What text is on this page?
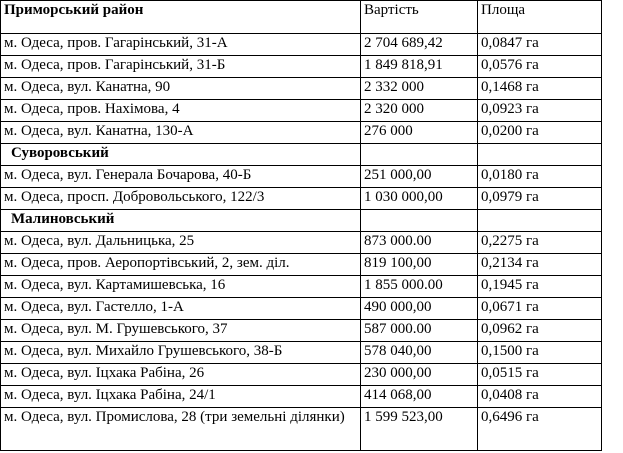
Приморський район	Вартість	Площа
м. Одеса, пров. Гагарінський, 31-А	2 704 689,42	0,0847 га
м. Одеса, пров. Гагарінський, 31-Б	1 849 818,91	0,0576 га
м. Одеса, вул. Канатна, 90	2 332 000	0,1468 га
м. Одеса, пров. Нахімова, 4	2 320 000	0,0923 га
м. Одеса, вул. Канатна, 130-А	276 000	0,0200 га
Суворовський		
м. Одеса, вул. Генерала Бочарова, 40-Б	251 000,00	0,0180 га
м. Одеса, просп. Добровольського, 122/3	1 030 000,00	0,0979 га
Малиновський		
м. Одеса, вул. Дальницька, 25	873 000.00	0,2275 га
м. Одеса, пров. Аеропортівський, 2, зем. діл.	819 100,00	0,2134 га
м. Одеса, вул. Картамишевська, 16	1 855 000.00	0,1945 га
м. Одеса, вул. Гастелло, 1-А	490 000,00	0,0671 га
м. Одеса, вул. М. Грушевського, 37	587 000.00	0,0962 га
м. Одеса, вул. Михайло Грушевського, 38-Б	578 040,00	0,1500 га
м. Одеса, вул. Іцхака Рабіна, 26	230 000,00	0,0515 га
м. Одеса, вул. Іцхака Рабіна, 24/1	414 068,00	0,0408 га
м. Одеса, вул. Промислова, 28 (три земельні ділянки)	1 599 523,00	0,6496 га
